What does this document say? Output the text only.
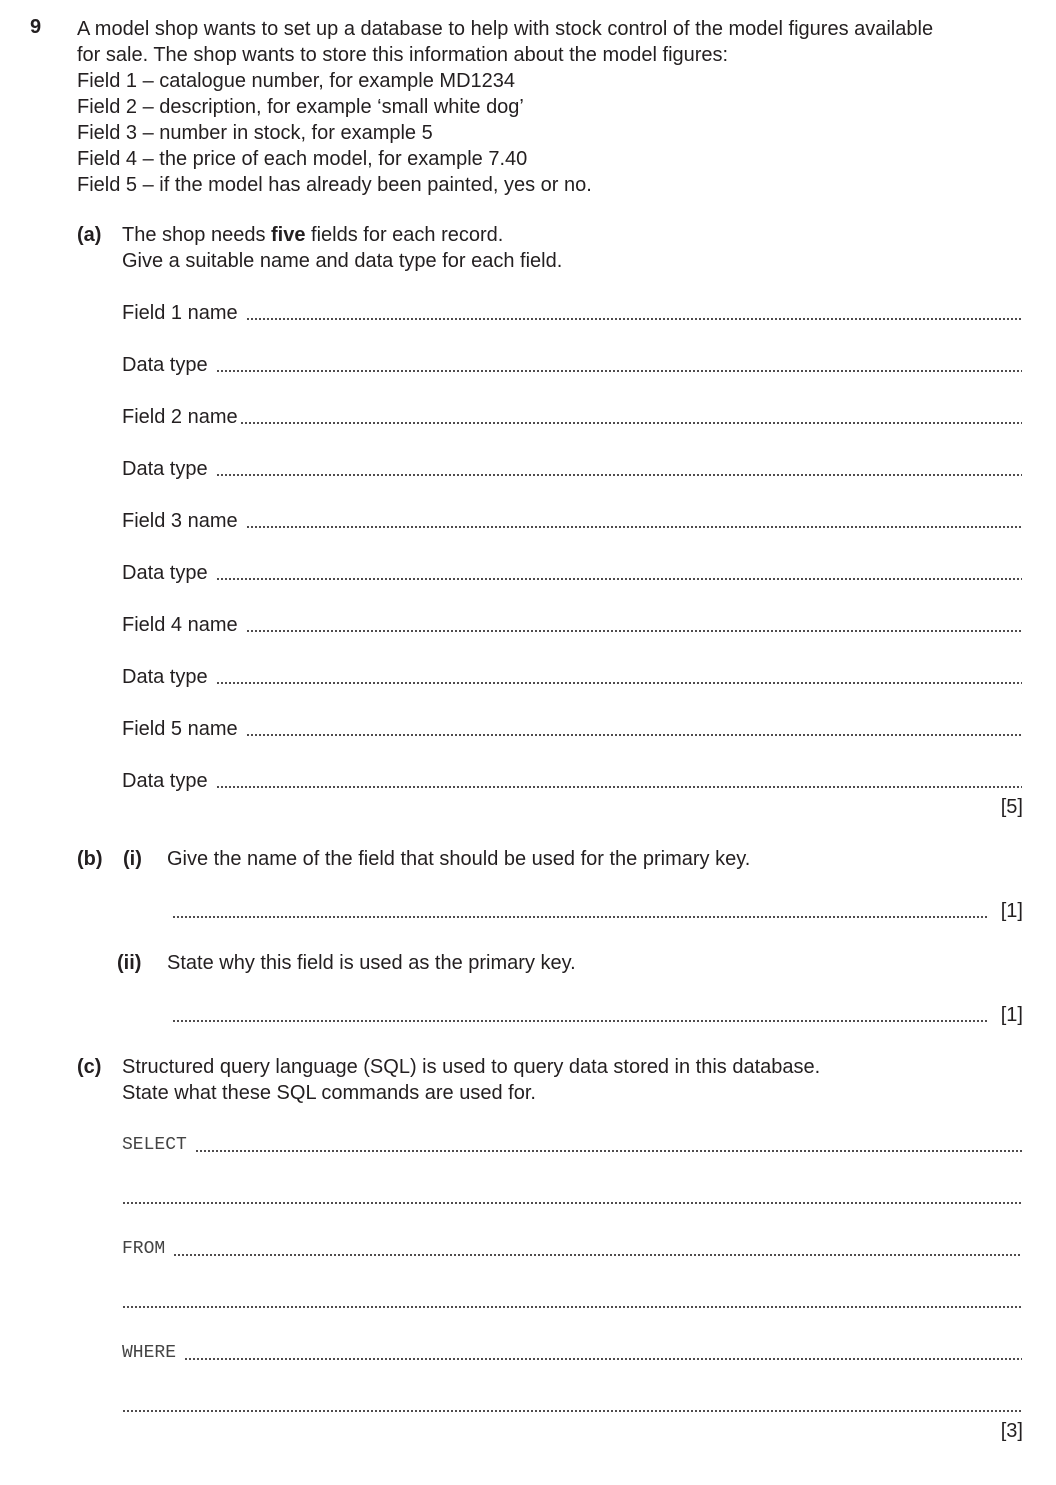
9 A model shop wants to set up a database to help with stock control of the model figures available
for sale. The shop wants to store this information about the model figures:
Field 1 – catalogue number, for example MD1234
Field 2 – description, for example ‘small white dog’
Field 3 – number in stock, for example 5
Field 4 – the price of each model, for example 7.40
Field 5 – if the model has already been painted, yes or no.
(a) The shop needs five fields for each record.
Give a suitable name and data type for each field.
Field 1 name
Data type
Field 2 name
Data type
Field 3 name
Data type
Field 4 name
Data type
Field 5 name
Data type
[5]
(b) (i) Give the name of the field that should be used for the primary key.
[1]
(ii) State why this field is used as the primary key.
[1]
(c) Structured query language (SQL) is used to query data stored in this database.
State what these SQL commands are used for.
SELECT
FROM
WHERE
[3]
